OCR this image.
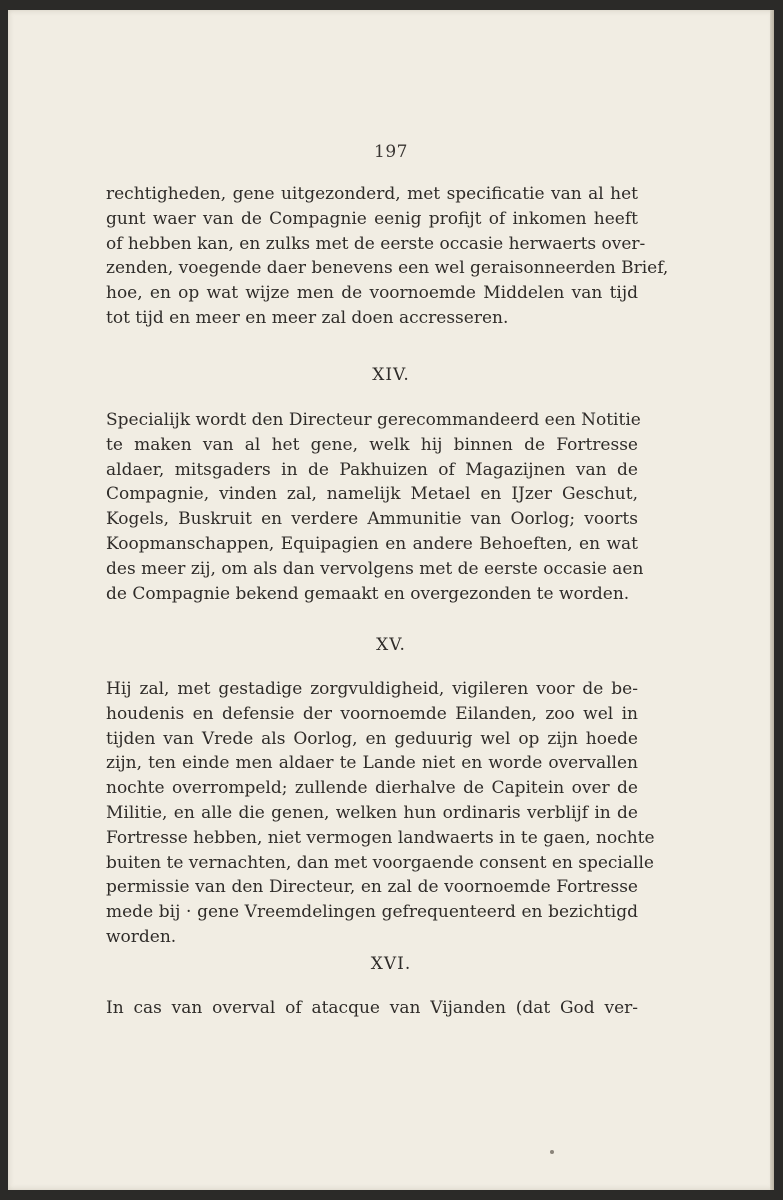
197
rechtigheden, gene uitgezonderd, met specificatie van al het
gunt waer van de Compagnie eenig profijt of inkomen heeft
of hebben kan, en zulks met de eerste occasie herwaerts over-
zenden, voegende daer benevens een wel geraisonneerden Brief,
hoe, en op wat wijze men de voornoemde Middelen van tijd
tot tijd en meer en meer zal doen accresseren.
XIV.
Specialijk wordt den Directeur gerecommandeerd een Notitie
te maken van al het gene, welk hij binnen de Fortresse
aldaer, mitsgaders in de Pakhuizen of Magazijnen van de
Compagnie, vinden zal, namelijk Metael en IJzer Geschut,
Kogels, Buskruit en verdere Ammunitie van Oorlog; voorts
Koopmanschappen, Equipagien en andere Behoeften, en wat
des meer zij, om als dan vervolgens met de eerste occasie aen
de Compagnie bekend gemaakt en overgezonden te worden.
XV.
Hij zal, met gestadige zorgvuldigheid, vigileren voor de be-
houdenis en defensie der voornoemde Eilanden, zoo wel in
tijden van Vrede als Oorlog, en geduurig wel op zijn hoede
zijn, ten einde men aldaer te Lande niet en worde overvallen
nochte overrompeld; zullende dierhalve de Capitein over de
Militie, en alle die genen, welken hun ordinaris verblijf in de
Fortresse hebben, niet vermogen landwaerts in te gaen, nochte
buiten te vernachten, dan met voorgaende consent en specialle
permissie van den Directeur, en zal de voornoemde Fortresse
mede bij · gene Vreemdelingen gefrequenteerd en bezichtigd
worden.
XVI.
In cas van overval of atacque van Vijanden (dat God ver-
